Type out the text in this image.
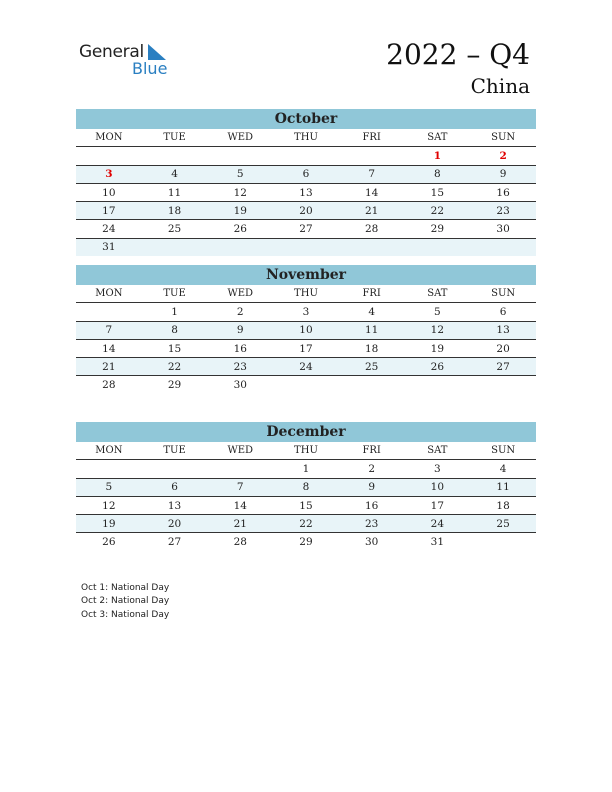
General
Blue	2022 – Q4
China
October
MON	TUE	WED	THU	FRI	SAT	SUN
					1	2
3	4	5	6	7	8	9
10	11	12	13	14	15	16
17	18	19	20	21	22	23
24	25	26	27	28	29	30
31						
November
MON	TUE	WED	THU	FRI	SAT	SUN
	1	2	3	4	5	6
7	8	9	10	11	12	13
14	15	16	17	18	19	20
21	22	23	24	25	26	27
28	29	30				
December
MON	TUE	WED	THU	FRI	SAT	SUN
			1	2	3	4
5	6	7	8	9	10	11
12	13	14	15	16	17	18
19	20	21	22	23	24	25
26	27	28	29	30	31	
Oct 1: National Day
Oct 2: National Day
Oct 3: National Day
